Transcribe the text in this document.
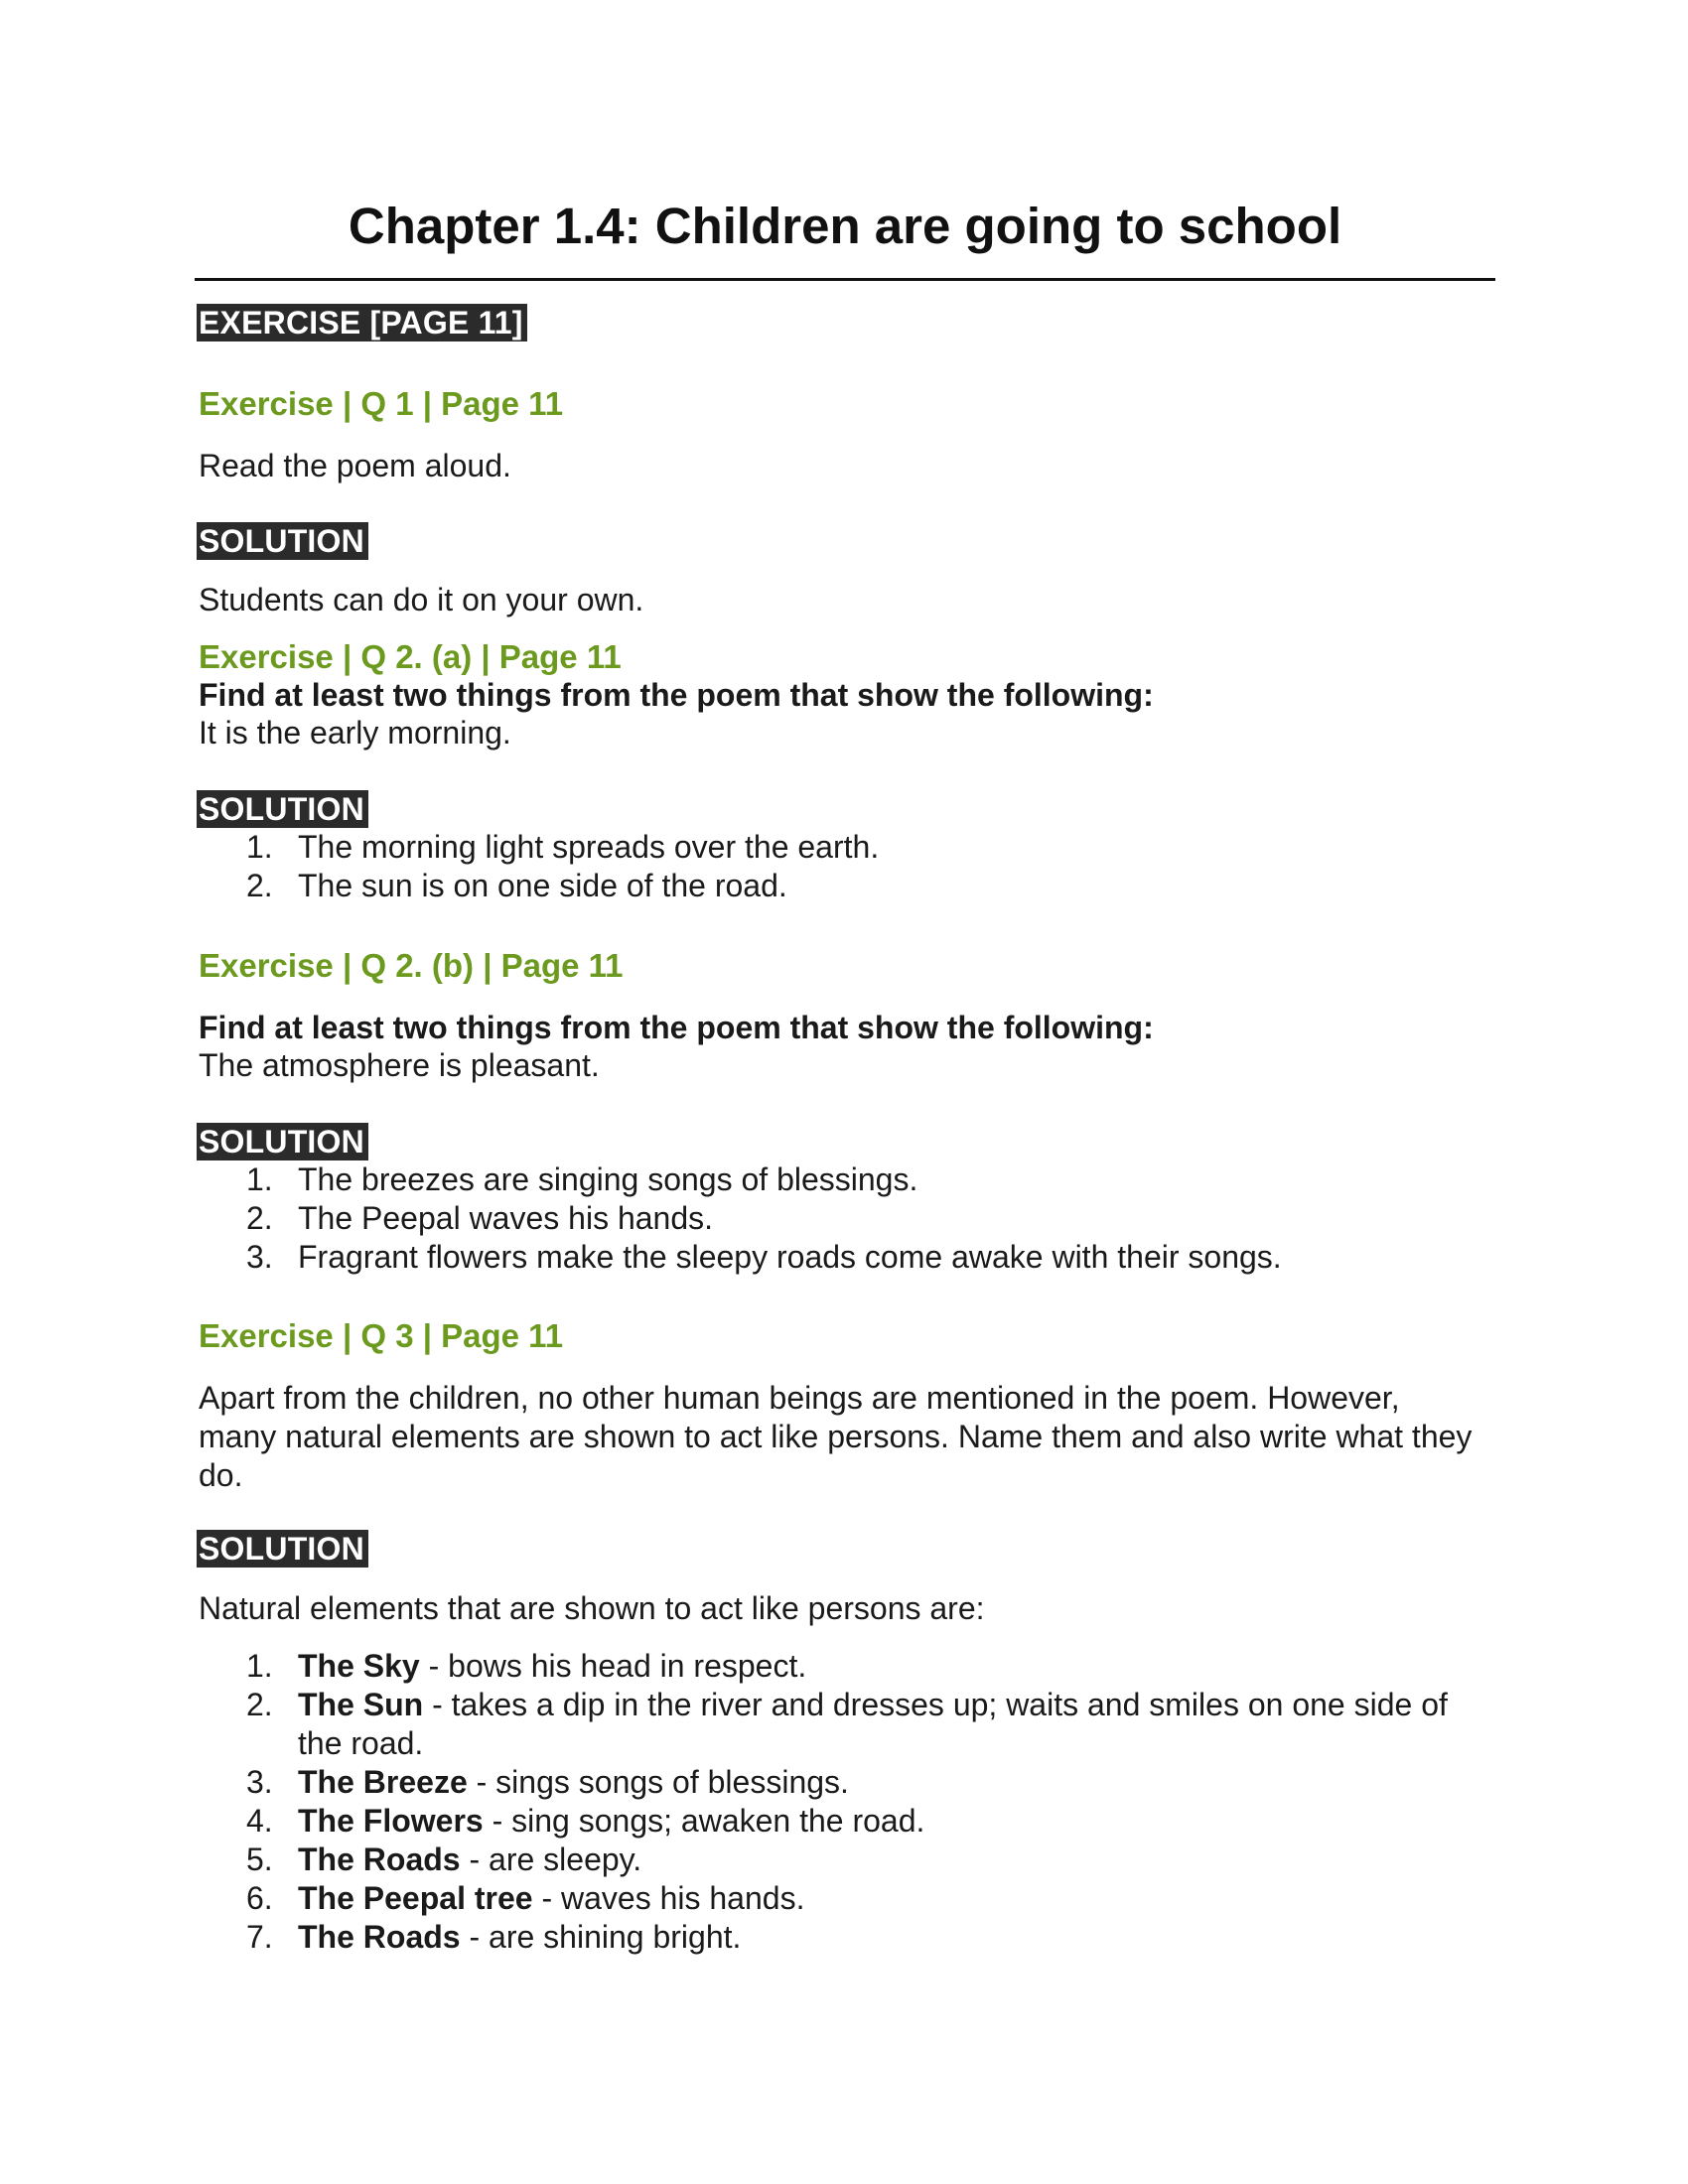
Chapter 1.4: Children are going to school
EXERCISE [PAGE 11]

Exercise | Q 1 | Page 11

Read the poem aloud.

SOLUTION

Students can do it on your own.

Exercise | Q 2. (a) | Page 11

Find at least two things from the poem that show the following:

It is the early morning.

SOLUTION
1. The morning light spreads over the earth.
2. The sun is on one side of the road.

Exercise | Q 2. (b) | Page 11

Find at least two things from the poem that show the following:

The atmosphere is pleasant.

SOLUTION
1. The breezes are singing songs of blessings.
2. The Peepal waves his hands.
3. Fragrant flowers make the sleepy roads come awake with their songs.

Exercise | Q 3 | Page 11

Apart from the children, no other human beings are mentioned in the poem. However, many natural elements are shown to act like persons. Name them and also write what they do.

SOLUTION

Natural elements that are shown to act like persons are:

1. The Sky - bows his head in respect.
2. The Sun - takes a dip in the river and dresses up; waits and smiles on one side of the road.
3. The Breeze - sings songs of blessings.
4. The Flowers - sing songs; awaken the road.
5. The Roads - are sleepy.
6. The Peepal tree - waves his hands.
7. The Roads - are shining bright.
